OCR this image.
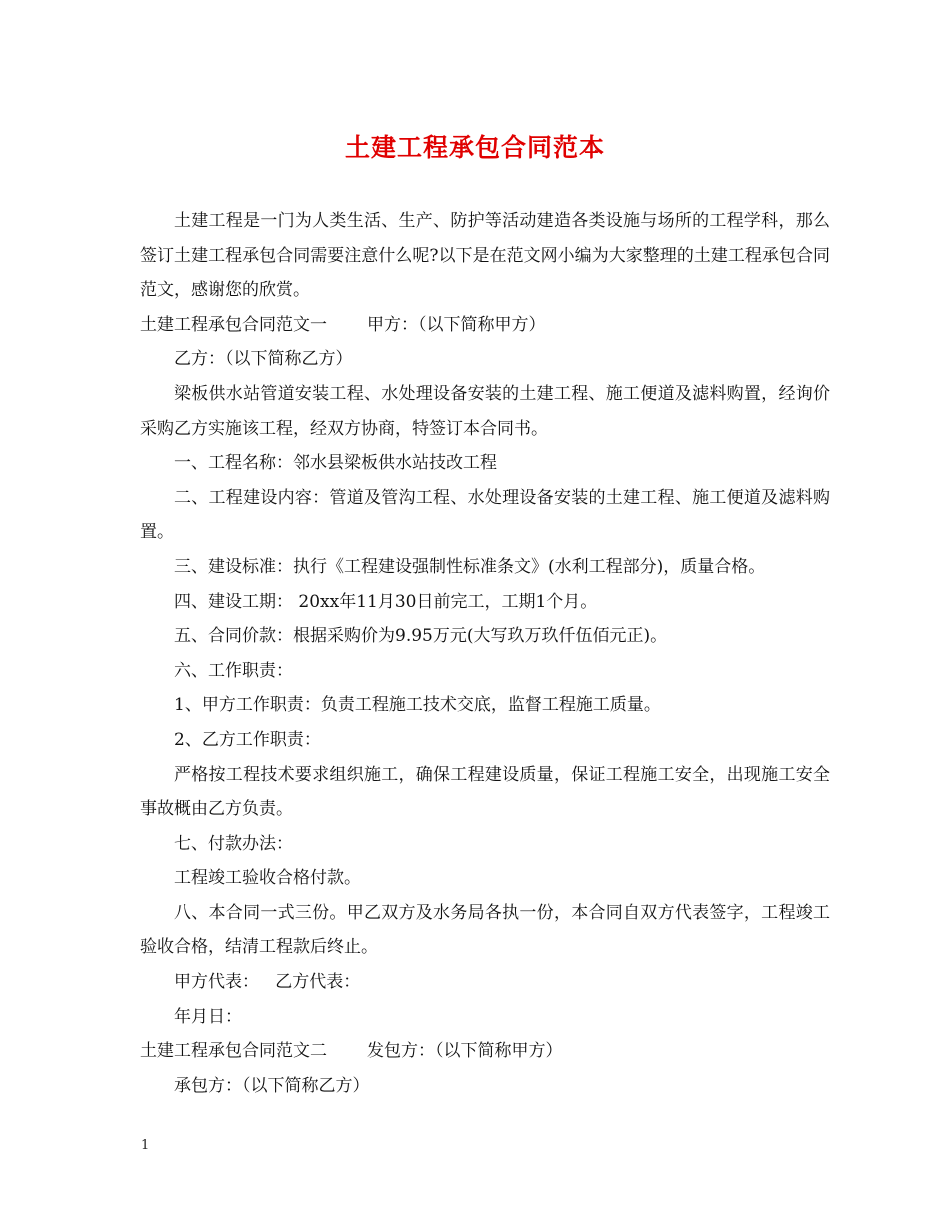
土建工程承包合同范本

土建工程是一门为人类生活、生产、防护等活动建造各类设施与场所的工程学科，那么签订土建工程承包合同需要注意什么呢?以下是在范文网小编为大家整理的土建工程承包合同范文，感谢您的欣赏。

土建工程承包合同范文一 甲方：（以下简称甲方）

乙方：（以下简称乙方）

梁板供水站管道安装工程、水处理设备安装的土建工程、施工便道及滤料购置，经询价采购乙方实施该工程，经双方协商，特签订本合同书。

一、工程名称：邻水县梁板供水站技改工程

二、工程建设内容：管道及管沟工程、水处理设备安装的土建工程、施工便道及滤料购置。

三、建设标准：执行《工程建设强制性标准条文》(水利工程部分)，质量合格。

四、建设工期： 20xx年11月30日前完工，工期1个月。

五、合同价款：根据采购价为9.95万元(大写玖万玖仟伍佰元正)。

六、工作职责：

1、甲方工作职责：负责工程施工技术交底，监督工程施工质量。

2、乙方工作职责：

严格按工程技术要求组织施工，确保工程建设质量，保证工程施工安全，出现施工安全事故概由乙方负责。

七、付款办法：

工程竣工验收合格付款。

八、本合同一式三份。甲乙双方及水务局各执一份，本合同自双方代表签字，工程竣工验收合格，结清工程款后终止。

甲方代表： 乙方代表：

年月日：

土建工程承包合同范文二 发包方：（以下简称甲方）

承包方：（以下简称乙方）

1
